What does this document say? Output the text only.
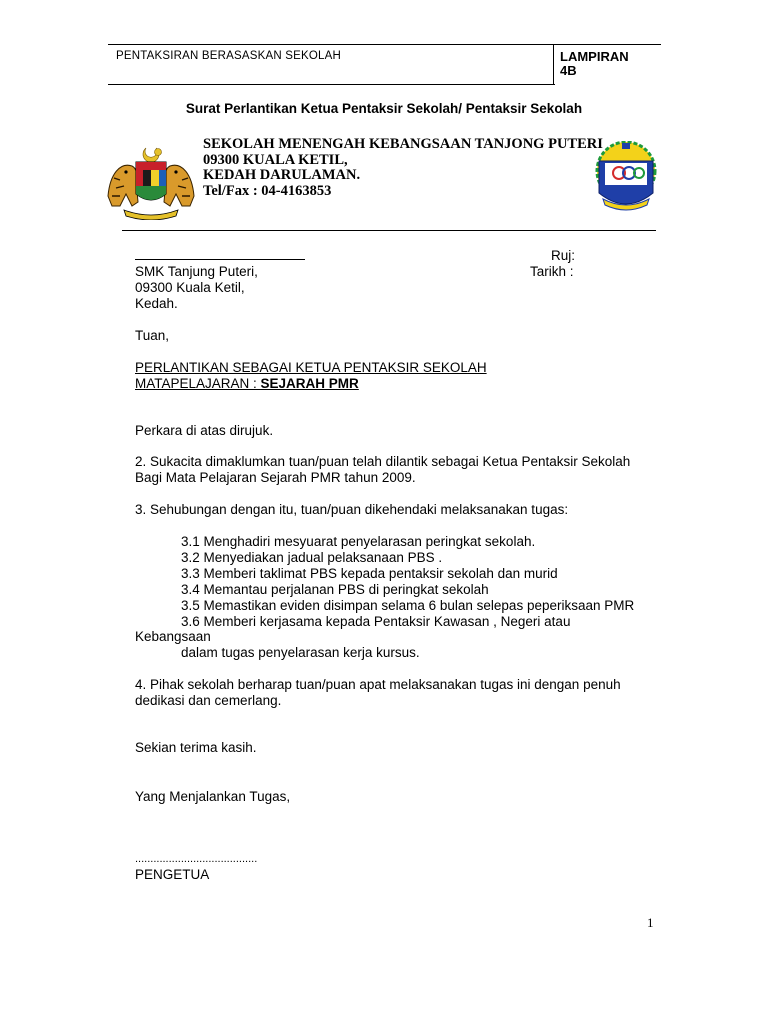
PENTAKSIRAN BERASASKAN SEKOLAH	LAMPIRAN
4B
Surat Perlantikan Ketua Pentaksir Sekolah/ Pentaksir Sekolah
SEKOLAH MENENGAH KEBANGSAAN TANJONG PUTERI
09300 KUALA KETIL,
KEDAH DARULAMAN.
Tel/Fax : 04-4163853
Ruj:
Tarikh :
SMK Tanjung Puteri,
09300 Kuala Ketil,
Kedah.
Tuan,
PERLANTIKAN SEBAGAI KETUA PENTAKSIR SEKOLAH
MATAPELAJARAN : SEJARAH PMR
Perkara di atas dirujuk.
2. Sukacita dimaklumkan tuan/puan telah dilantik sebagai Ketua Pentaksir Sekolah
Bagi Mata Pelajaran Sejarah PMR tahun 2009.
3. Sehubungan dengan itu, tuan/puan dikehendaki melaksanakan tugas:
3.1 Menghadiri mesyuarat penyelarasan peringkat sekolah.
3.2 Menyediakan jadual pelaksanaan PBS .
3.3 Memberi taklimat PBS kepada pentaksir sekolah dan murid
3.4 Memantau perjalanan PBS di peringkat sekolah
3.5 Memastikan eviden disimpan selama 6 bulan selepas peperiksaan PMR
3.6 Memberi kerjasama kepada Pentaksir Kawasan , Negeri atau
Kebangsaan
dalam tugas penyelarasan kerja kursus.
4. Pihak sekolah berharap tuan/puan apat melaksanakan tugas ini dengan penuh
dedikasi dan cemerlang.
Sekian terima kasih.
Yang Menjalankan Tugas,
........................................
PENGETUA
1
